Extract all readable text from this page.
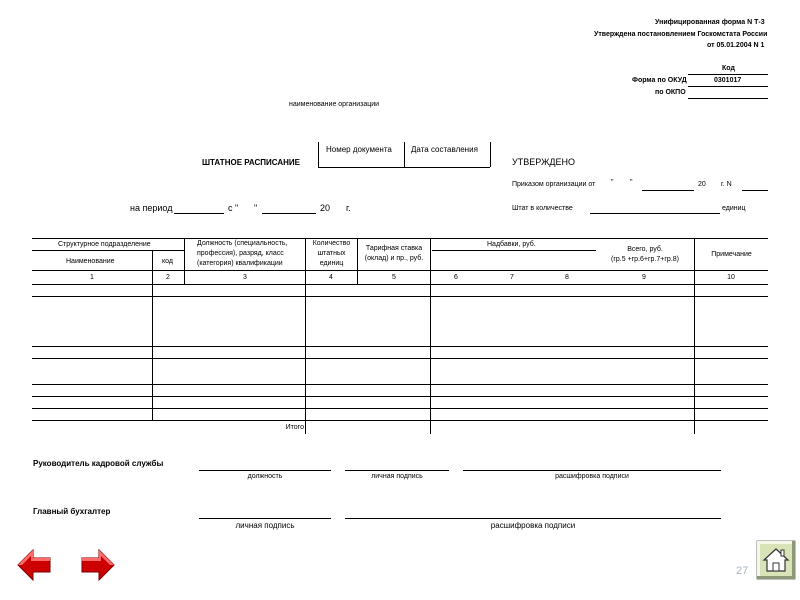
Унифицированная форма N Т-3
Утверждена постановлением Госкомстата России
от 05.01.2004 N 1
Код
Форма по ОКУД	0301017
по ОКПО
наименование организации
ШТАТНОЕ РАСПИСАНИЕ
Номер документа Дата составления
УТВЕРЖДЕНО
Приказом организации от " "	20 г. N
Штат в количестве	единиц
на период	с " "	20 г.
Структурное подразделение
Наименование	код
Должность (специальность,
профессия), разряд, класс
(категория) квалификации
Количество
штатных
единиц
Тарифная ставка
(оклад) и пр., руб.
Надбавки, руб.
Всего, руб.
(гр.5 +гр.6+гр.7+гр.8)
Примечание
1	2	3	4	5	6	7	8	9	10
Итого
Руководитель кадровой службы
должность	личная подпись	расшифровка подписи
Главный бухгалтер
личная подпись	расшифровка подписи
27
